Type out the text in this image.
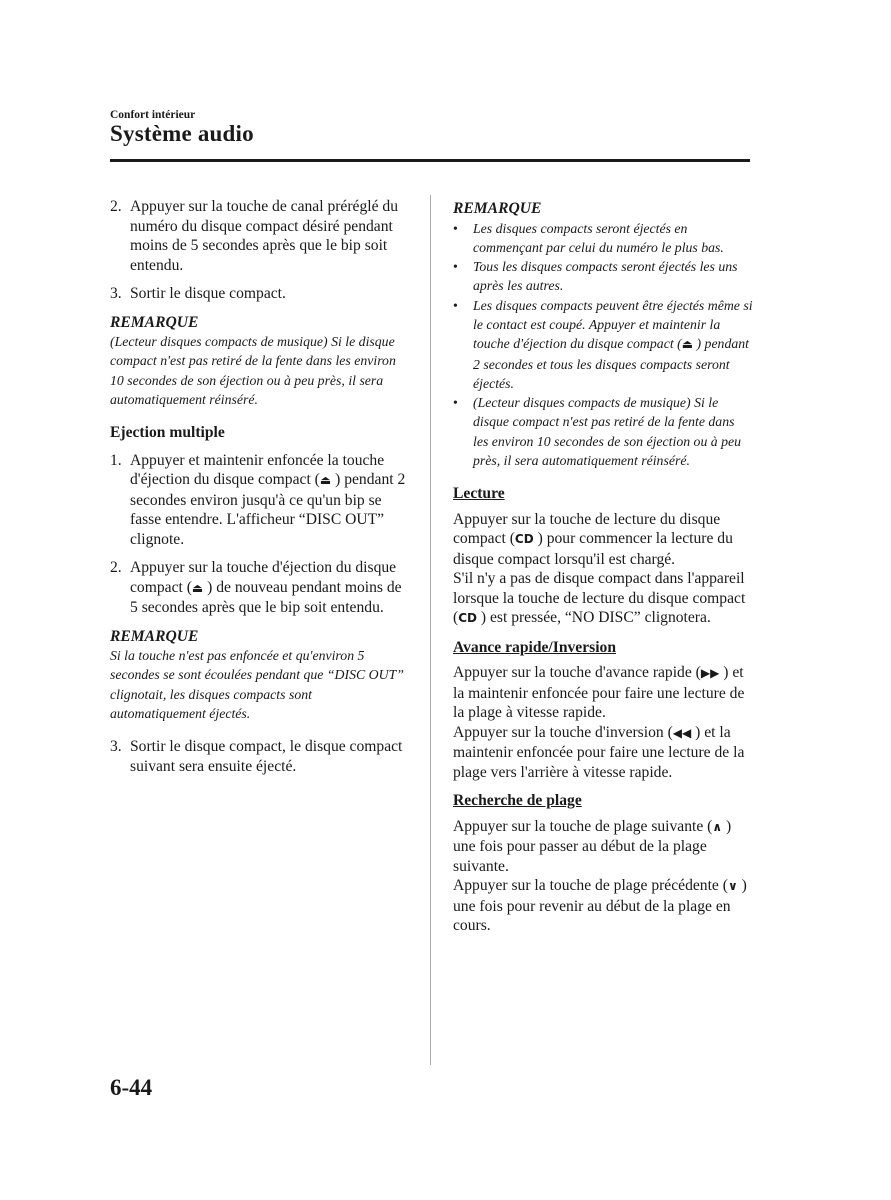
Confort intérieur
Système audio
2. Appuyer sur la touche de canal préréglé du numéro du disque compact désiré pendant moins de 5 secondes après que le bip soit entendu.
3. Sortir le disque compact.
REMARQUE
(Lecteur disques compacts de musique) Si le disque compact n'est pas retiré de la fente dans les environ 10 secondes de son éjection ou à peu près, il sera automatiquement réinséré.
Ejection multiple
1. Appuyer et maintenir enfoncée la touche d'éjection du disque compact (⏏ ) pendant 2 secondes environ jusqu'à ce qu'un bip se fasse entendre. L'afficheur “DISC OUT” clignote.
2. Appuyer sur la touche d'éjection du disque compact (⏏ ) de nouveau pendant moins de 5 secondes après que le bip soit entendu.
REMARQUE
Si la touche n'est pas enfoncée et qu'environ 5 secondes se sont écoulées pendant que “DISC OUT” clignotait, les disques compacts sont automatiquement éjectés.
3. Sortir le disque compact, le disque compact suivant sera ensuite éjecté.
REMARQUE
•	Les disques compacts seront éjectés en commençant par celui du numéro le plus bas.
•	Tous les disques compacts seront éjectés les uns après les autres.
•	Les disques compacts peuvent être éjectés même si le contact est coupé. Appuyer et maintenir la touche d'éjection du disque compact (⏏ ) pendant 2 secondes et tous les disques compacts seront éjectés.
•	(Lecteur disques compacts de musique) Si le disque compact n'est pas retiré de la fente dans les environ 10 secondes de son éjection ou à peu près, il sera automatiquement réinséré.
Lecture
Appuyer sur la touche de lecture du disque compact (CD ) pour commencer la lecture du disque compact lorsqu'il est chargé.
S'il n'y a pas de disque compact dans l'appareil lorsque la touche de lecture du disque compact (CD ) est pressée, “NO DISC” clignotera.
Avance rapide/Inversion
Appuyer sur la touche d'avance rapide (▶▶ ) et la maintenir enfoncée pour faire une lecture de la plage à vitesse rapide.
Appuyer sur la touche d'inversion (◀◀ ) et la maintenir enfoncée pour faire une lecture de la plage vers l'arrière à vitesse rapide.
Recherche de plage
Appuyer sur la touche de plage suivante (∧ ) une fois pour passer au début de la plage suivante.
Appuyer sur la touche de plage précédente (∨ ) une fois pour revenir au début de la plage en cours.
6-44
